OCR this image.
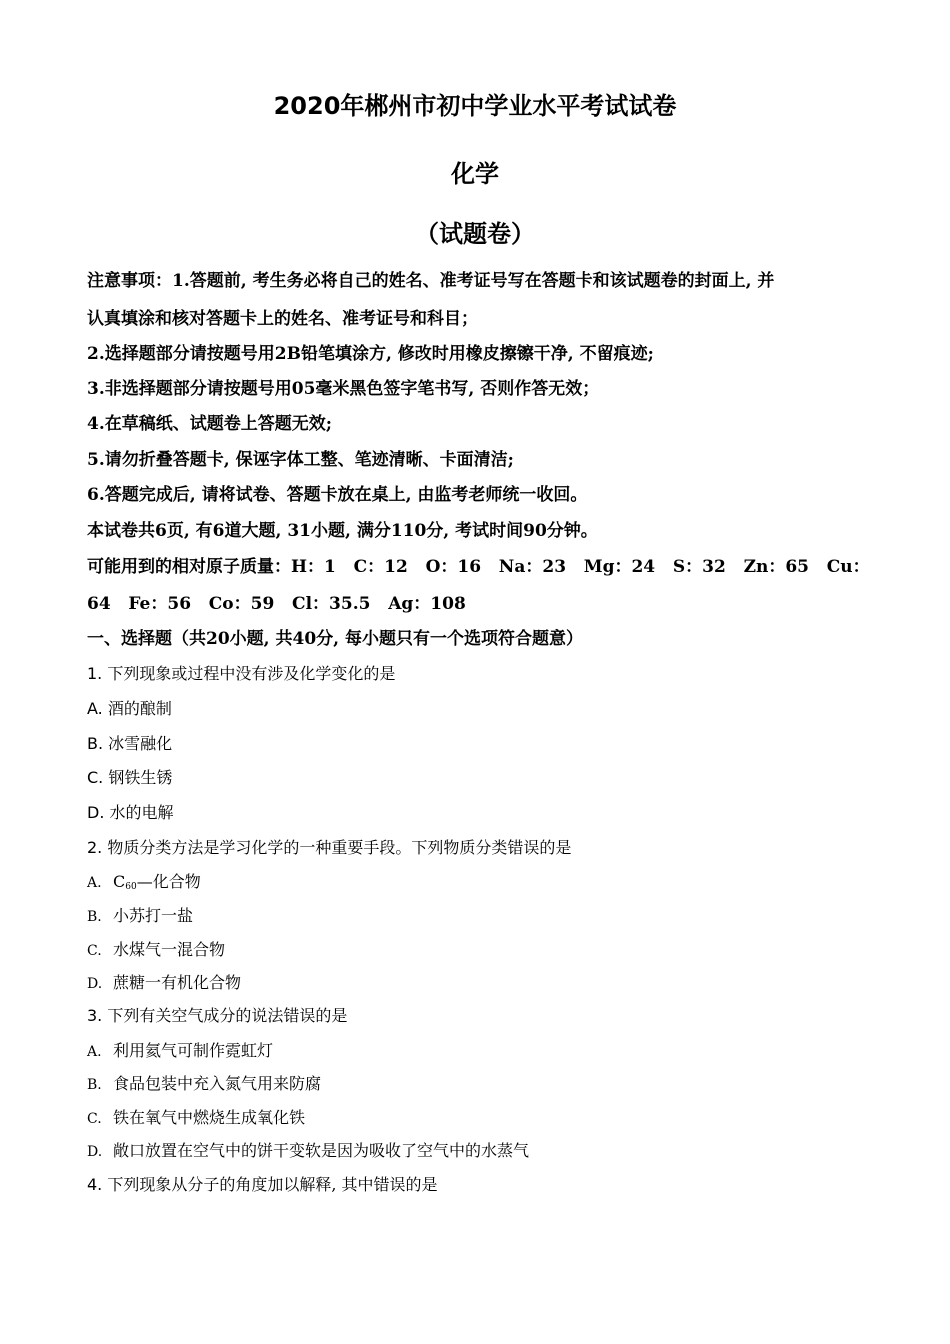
2020年郴州市初中学业水平考试试卷
化学
（试题卷）
注意事项：1.答题前, 考生务必将自己的姓名、准考证号写在答题卡和该试题卷的封面上, 并
认真填涂和核对答题卡上的姓名、准考证号和科目；
2.选择题部分请按题号用2B铅笔填涂方, 修改时用橡皮擦镲干净, 不留痕迹;
3.非选择题部分请按题号用05毫米黑色签字笔书写, 否则作答无效；
4.在草稿纸、试题卷上答题无效;
5.请勿折叠答题卡, 保诬字体工整、笔迹清晰、卡面清洁;
6.答题完成后, 请将试卷、答题卡放在桌上, 由监考老师统一收回。
本试卷共6页, 有6道大题, 31小题, 满分110分, 考试时间90分钟。
可能用到的相对原子质量：H：1   C：12   O：16   Na：23   Mg：24   S：32   Zn：65   Cu：
64   Fe：56   Co：59   Cl：35.5   Ag：108
一、选择题（共20小题, 共40分, 每小题只有一个选项符合题意）
1. 下列现象或过程中没有涉及化学变化的是
A. 酒的酿制
B. 冰雪融化
C. 钢铁生锈
D. 水的电解
2. 物质分类方法是学习化学的一种重要手段。下列物质分类错误的是
A. $C_{60}—$化合物
B. 小苏打一盐
C. 水煤气一混合物
D. 蔗糖一有机化合物
3. 下列有关空气成分的说法错误的是
A. 利用氦气可制作霓虹灯
B. 食品包装中充入氮气用来防腐
C. 铁在氧气中燃烧生成氧化铁
D. 敞口放置在空气中的饼干变软是因为吸收了空气中的水蒸气
4. 下列现象从分子的角度加以解释, 其中错误的是
